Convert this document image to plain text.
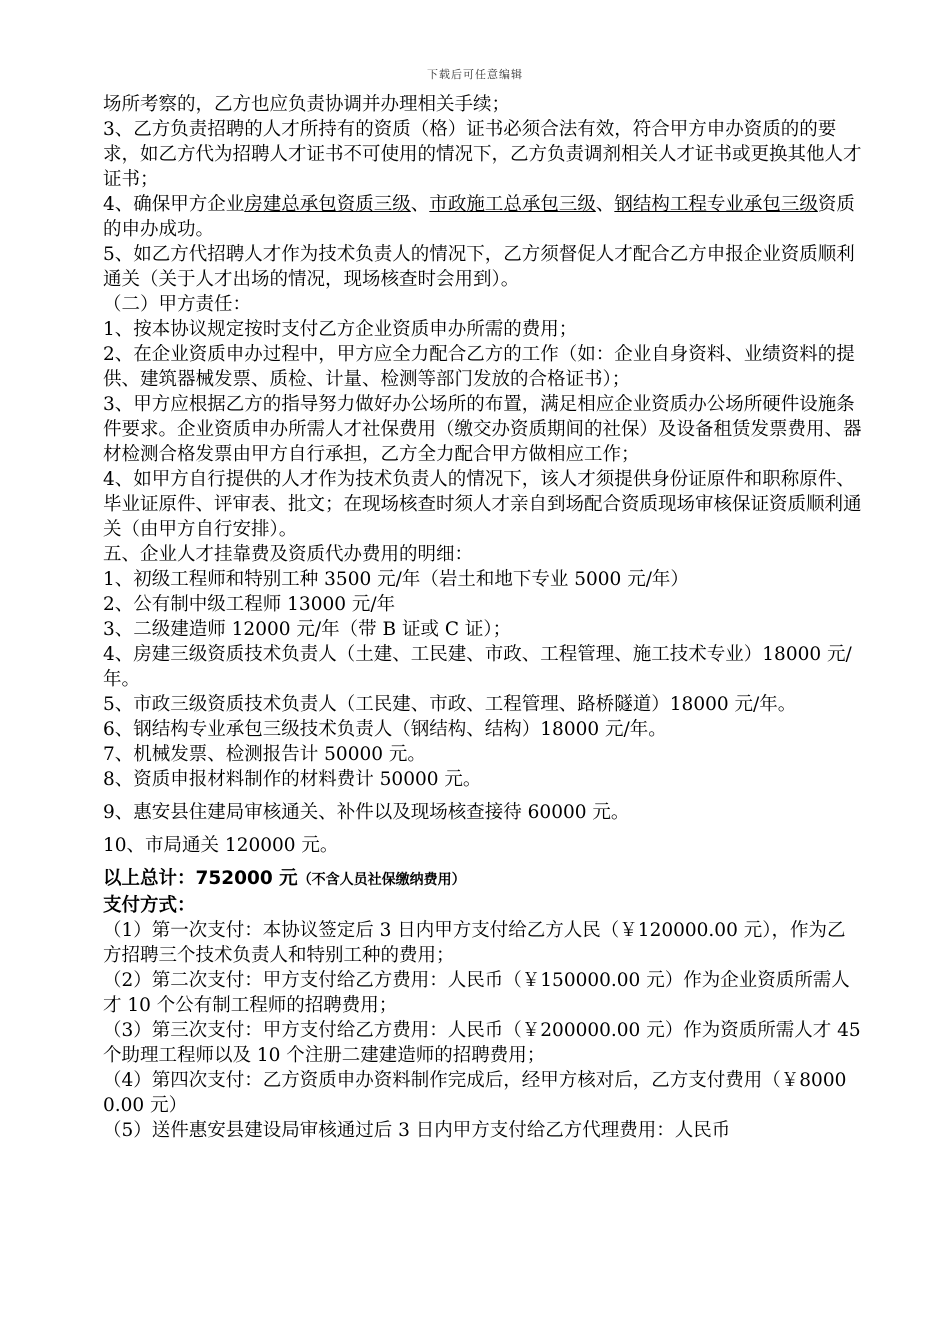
下载后可任意编辑

场所考察的，乙方也应负责协调并办理相关手续；

3、乙方负责招聘的人才所持有的资质（格）证书必须合法有效，符合甲方申办资质的的要求，如乙方代为招聘人才证书不可使用的情况下，乙方负责调剂相关人才证书或更换其他人才证书；

4、确保甲方企业房建总承包资质三级、市政施工总承包三级、钢结构工程专业承包三级资质的申办成功。

5、如乙方代招聘人才作为技术负责人的情况下，乙方须督促人才配合乙方申报企业资质顺利通关（关于人才出场的情况，现场核查时会用到）。

（二）甲方责任：

1、按本协议规定按时支付乙方企业资质申办所需的费用；

2、在企业资质申办过程中，甲方应全力配合乙方的工作（如：企业自身资料、业绩资料的提供、建筑器械发票、质检、计量、检测等部门发放的合格证书）；

3、甲方应根据乙方的指导努力做好办公场所的布置，满足相应企业资质办公场所硬件设施条件要求。企业资质申办所需人才社保费用（缴交办资质期间的社保）及设备租赁发票费用、器材检测合格发票由甲方自行承担，乙方全力配合甲方做相应工作；

4、如甲方自行提供的人才作为技术负责人的情况下，该人才须提供身份证原件和职称原件、毕业证原件、评审表、批文；在现场核查时须人才亲自到场配合资质现场审核保证资质顺利通关（由甲方自行安排）。

五、企业人才挂靠费及资质代办费用的明细：

1、初级工程师和特别工种 3500 元/年（岩土和地下专业 5000 元/年）

2、公有制中级工程师 13000 元/年

3、二级建造师 12000 元/年（带 B 证或 C 证）；

4、房建三级资质技术负责人（土建、工民建、市政、工程管理、施工技术专业）18000 元/年。

5、市政三级资质技术负责人（工民建、市政、工程管理、路桥隧道）18000 元/年。

6、钢结构专业承包三级技术负责人（钢结构、结构）18000 元/年。

7、机械发票、检测报告计 50000 元。

8、资质申报材料制作的材料费计 50000 元。

9、惠安县住建局审核通关、补件以及现场核查接待 60000 元。

10、市局通关 120000 元。

以上总计：752000 元（不含人员社保缴纳费用）

支付方式：

（1）第一次支付：本协议签定后 3 日内甲方支付给乙方人民（￥120000.00 元），作为乙方招聘三个技术负责人和特别工种的费用；

（2）第二次支付：甲方支付给乙方费用：人民币（￥150000.00 元）作为企业资质所需人才 10 个公有制工程师的招聘费用；

（3）第三次支付：甲方支付给乙方费用：人民币（￥200000.00 元）作为资质所需人才 45 个助理工程师以及 10 个注册二建建造师的招聘费用；

（4）第四次支付：乙方资质申办资料制作完成后，经甲方核对后，乙方支付费用（￥80000.00 元）

（5）送件惠安县建设局审核通过后 3 日内甲方支付给乙方代理费用：人民币
